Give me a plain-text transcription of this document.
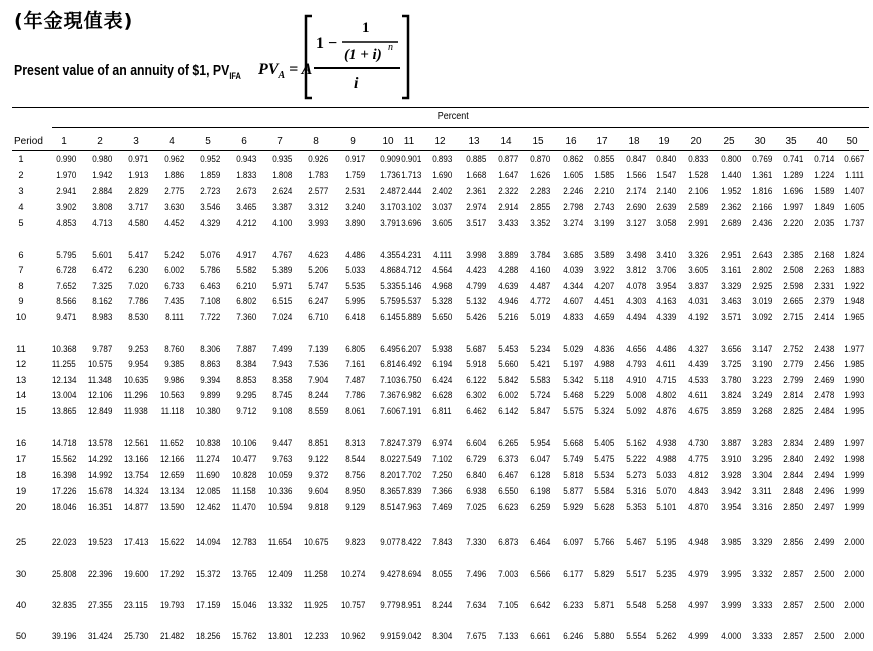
(年金現值表)
Present value of an annuity of $1, $PV_{IFA}$ $PV_A = A$
1 −
1
(1 + i) n
i
Percent
Period	1	2	3	4	5	6	7	8	9	10	11	12	13	14	15	16	17	18	19	20	25	30	35	40	50
1	0.990 0.980 0.971 0.962 0.952 0.943 0.935 0.926 0.917 0.909 0.901 0.893 0.885 0.877 0.870 0.862 0.855 0.847 0.840 0.833 0.800 0.769 0.741 0.714 0.667
2	1.970 1.942 1.913 1.886 1.859 1.833 1.808 1.783 1.759 1.736 1.713 1.690 1.668 1.647 1.626 1.605 1.585 1.566 1.547 1.528 1.440 1.361 1.289 1.224 1.111
3	2.941 2.884 2.829 2.775 2.723 2.673 2.624 2.577 2.531 2.487 2.444 2.402 2.361 2.322 2.283 2.246 2.210 2.174 2.140 2.106 1.952 1.816 1.696 1.589 1.407
4	3.902 3.808 3.717 3.630 3.546 3.465 3.387 3.312 3.240 3.170 3.102 3.037 2.974 2.914 2.855 2.798 2.743 2.690 2.639 2.589 2.362 2.166 1.997 1.849 1.605
5	4.853 4.713 4.580 4.452 4.329 4.212 4.100 3.993 3.890 3.791 3.696 3.605 3.517 3.433 3.352 3.274 3.199 3.127 3.058 2.991 2.689 2.436 2.220 2.035 1.737
6	5.795 5.601 5.417 5.242 5.076 4.917 4.767 4.623 4.486 4.355 4.231 4.111 3.998 3.889 3.784 3.685 3.589 3.498 3.410 3.326 2.951 2.643 2.385 2.168 1.824
7	6.728 6.472 6.230 6.002 5.786 5.582 5.389 5.206 5.033 4.868 4.712 4.564 4.423 4.288 4.160 4.039 3.922 3.812 3.706 3.605 3.161 2.802 2.508 2.263 1.883
8	7.652 7.325 7.020 6.733 6.463 6.210 5.971 5.747 5.535 5.335 5.146 4.968 4.799 4.639 4.487 4.344 4.207 4.078 3.954 3.837 3.329 2.925 2.598 2.331 1.922
9	8.566 8.162 7.786 7.435 7.108 6.802 6.515 6.247 5.995 5.759 5.537 5.328 5.132 4.946 4.772 4.607 4.451 4.303 4.163 4.031 3.463 3.019 2.665 2.379 1.948
10	9.471 8.983 8.530 8.111 7.722 7.360 7.024 6.710 6.418 6.145 5.889 5.650 5.426 5.216 5.019 4.833 4.659 4.494 4.339 4.192 3.571 3.092 2.715 2.414 1.965
11	10.368 9.787 9.253 8.760 8.306 7.887 7.499 7.139 6.805 6.495 6.207 5.938 5.687 5.453 5.234 5.029 4.836 4.656 4.486 4.327 3.656 3.147 2.752 2.438 1.977
12	11.255 10.575 9.954 9.385 8.863 8.384 7.943 7.536 7.161 6.814 6.492 6.194 5.918 5.660 5.421 5.197 4.988 4.793 4.611 4.439 3.725 3.190 2.779 2.456 1.985
13	12.134 11.348 10.635 9.986 9.394 8.853 8.358 7.904 7.487 7.103 6.750 6.424 6.122 5.842 5.583 5.342 5.118 4.910 4.715 4.533 3.780 3.223 2.799 2.469 1.990
14	13.004 12.106 11.296 10.563 9.899 9.295 8.745 8.244 7.786 7.367 6.982 6.628 6.302 6.002 5.724 5.468 5.229 5.008 4.802 4.611 3.824 3.249 2.814 2.478 1.993
15	13.865 12.849 11.938 11.118 10.380 9.712 9.108 8.559 8.061 7.606 7.191 6.811 6.462 6.142 5.847 5.575 5.324 5.092 4.876 4.675 3.859 3.268 2.825 2.484 1.995
16	14.718 13.578 12.561 11.652 10.838 10.106 9.447 8.851 8.313 7.824 7.379 6.974 6.604 6.265 5.954 5.668 5.405 5.162 4.938 4.730 3.887 3.283 2.834 2.489 1.997
17	15.562 14.292 13.166 12.166 11.274 10.477 9.763 9.122 8.544 8.022 7.549 7.102 6.729 6.373 6.047 5.749 5.475 5.222 4.988 4.775 3.910 3.295 2.840 2.492 1.998
18	16.398 14.992 13.754 12.659 11.690 10.828 10.059 9.372 8.756 8.201 7.702 7.250 6.840 6.467 6.128 5.818 5.534 5.273 5.033 4.812 3.928 3.304 2.844 2.494 1.999
19	17.226 15.678 14.324 13.134 12.085 11.158 10.336 9.604 8.950 8.365 7.839 7.366 6.938 6.550 6.198 5.877 5.584 5.316 5.070 4.843 3.942 3.311 2.848 2.496 1.999
20	18.046 16.351 14.877 13.590 12.462 11.470 10.594 9.818 9.129 8.514 7.963 7.469 7.025 6.623 6.259 5.929 5.628 5.353 5.101 4.870 3.954 3.316 2.850 2.497 1.999
25	22.023 19.523 17.413 15.622 14.094 12.783 11.654 10.675 9.823 9.077 8.422 7.843 7.330 6.873 6.464 6.097 5.766 5.467 5.195 4.948 3.985 3.329 2.856 2.499 2.000
30	25.808 22.396 19.600 17.292 15.372 13.765 12.409 11.258 10.274 9.427 8.694 8.055 7.496 7.003 6.566 6.177 5.829 5.517 5.235 4.979 3.995 3.332 2.857 2.500 2.000
40	32.835 27.355 23.115 19.793 17.159 15.046 13.332 11.925 10.757 9.779 8.951 8.244 7.634 7.105 6.642 6.233 5.871 5.548 5.258 4.997 3.999 3.333 2.857 2.500 2.000
50	39.196 31.424 25.730 21.482 18.256 15.762 13.801 12.233 10.962 9.915 9.042 8.304 7.675 7.133 6.661 6.246 5.880 5.554 5.262 4.999 4.000 3.333 2.857 2.500 2.000
